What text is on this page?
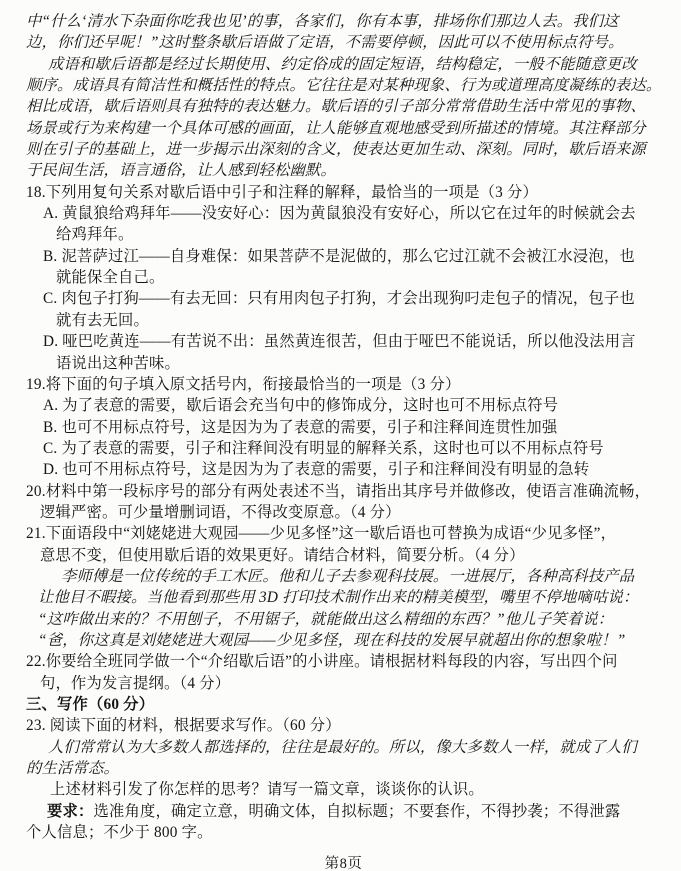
中“什么‘清水下杂面你吃我也见’的事，各家们，你有本事，排场你们那边人去。我们这
边，你们还早呢！”这时整条歇后语做了定语，不需要停顿，因此可以不使用标点符号。
成语和歇后语都是经过长期使用、约定俗成的固定短语，结构稳定，一般不能随意更改
顺序。成语具有简洁性和概括性的特点。它往往是对某种现象、行为或道理高度凝练的表达。
相比成语，歇后语则具有独特的表达魅力。歇后语的引子部分常常借助生活中常见的事物、
场景或行为来构建一个具体可感的画面，让人能够直观地感受到所描述的情境。其注释部分
则在引子的基础上，进一步揭示出深刻的含义，使表达更加生动、深刻。同时，歇后语来源
于民间生活，语言通俗，让人感到轻松幽默。
18.下列用复句关系对歇后语中引子和注释的解释，最恰当的一项是（3 分）
A. 黄鼠狼给鸡拜年——没安好心：因为黄鼠狼没有安好心，所以它在过年的时候就会去
给鸡拜年。
B. 泥菩萨过江——自身难保：如果菩萨不是泥做的，那么它过江就不会被江水浸泡，也
就能保全自己。
C. 肉包子打狗——有去无回：只有用肉包子打狗，才会出现狗叼走包子的情况，包子也
就有去无回。
D. 哑巴吃黄连——有苦说不出：虽然黄连很苦，但由于哑巴不能说话，所以他没法用言
语说出这种苦味。
19.将下面的句子填入原文括号内，衔接最恰当的一项是（3 分）
A. 为了表意的需要，歇后语会充当句中的修饰成分，这时也可不用标点符号
B. 也可不用标点符号，这是因为为了表意的需要，引子和注释间连贯性加强
C. 为了表意的需要，引子和注释间没有明显的解释关系，这时也可以不用标点符号
D. 也可不用标点符号，这是因为为了表意的需要，引子和注释间没有明显的急转
20.材料中第一段标序号的部分有两处表述不当，请指出其序号并做修改，使语言准确流畅，
逻辑严密。可少量增删词语，不得改变原意。（4 分）
21.下面语段中“刘姥姥进大观园——少见多怪”这一歇后语也可替换为成语“少见多怪”，
意思不变，但使用歇后语的效果更好。请结合材料，简要分析。（4 分）
李师傅是一位传统的手工木匠。他和儿子去参观科技展。一进展厅，各种高科技产品
让他目不暇接。当他看到那些用 3D 打印技术制作出来的精美模型，嘴里不停地嘀咕说：
“这咋做出来的？不用刨子，不用锯子，就能做出这么精细的东西？”他儿子笑着说：
“爸，你这真是刘姥姥进大观园——少见多怪，现在科技的发展早就超出你的想象啦！”
22.你要给全班同学做一个“介绍歇后语”的小讲座。请根据材料每段的内容，写出四个问
句，作为发言提纲。（4 分）
三、写作（60 分）
23. 阅读下面的材料，根据要求写作。（60 分）
人们常常认为大多数人都选择的，往往是最好的。所以，像大多数人一样，就成了人们
的生活常态。
上述材料引发了你怎样的思考？请写一篇文章，谈谈你的认识。
要求：选准角度，确定立意，明确文体，自拟标题；不要套作，不得抄袭；不得泄露
个人信息；不少于 800 字。
第8页
